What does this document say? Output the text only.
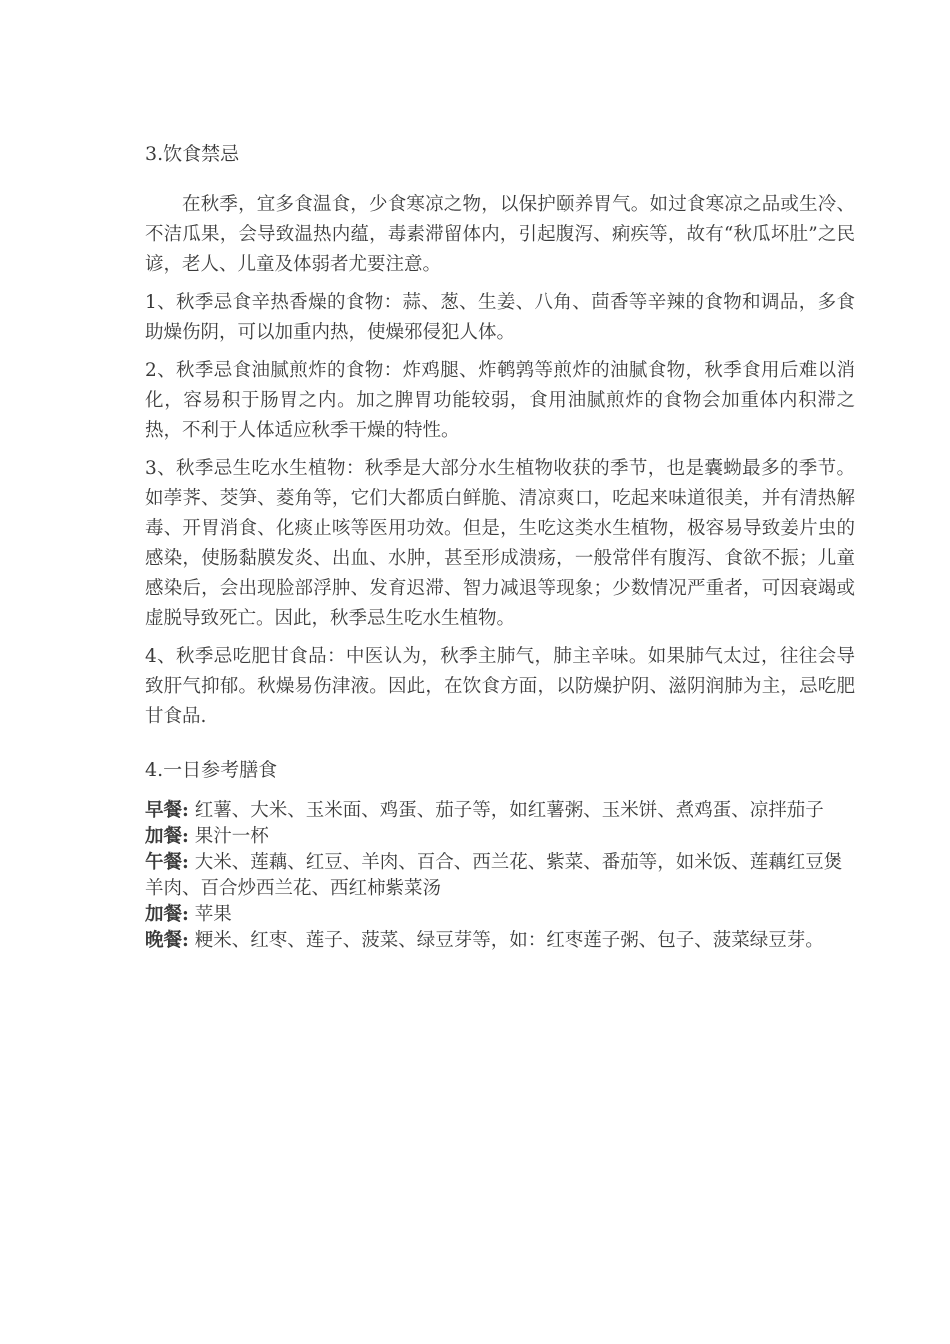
3.饮食禁忌

在秋季，宜多食温食，少食寒凉之物，以保护颐养胃气。如过食寒凉之品或生冷、不洁瓜果，会导致温热内蕴，毒素滞留体内，引起腹泻、痢疾等，故有“秋瓜坏肚”之民谚，老人、儿童及体弱者尤要注意。

1、秋季忌食辛热香燥的食物：蒜、葱、生姜、八角、茴香等辛辣的食物和调品，多食助燥伤阴，可以加重内热，使燥邪侵犯人体。

2、秋季忌食油腻煎炸的食物：炸鸡腿、炸鹌鹑等煎炸的油腻食物，秋季食用后难以消化，容易积于肠胃之内。加之脾胃功能较弱，食用油腻煎炸的食物会加重体内积滞之热，不利于人体适应秋季干燥的特性。

3、秋季忌生吃水生植物：秋季是大部分水生植物收获的季节，也是囊蚴最多的季节。如荸荠、茭笋、菱角等，它们大都质白鲜脆、清凉爽口，吃起来味道很美，并有清热解毒、开胃消食、化痰止咳等医用功效。但是，生吃这类水生植物，极容易导致姜片虫的感染，使肠黏膜发炎、出血、水肿，甚至形成溃疡，一般常伴有腹泻、食欲不振；儿童感染后，会出现脸部浮肿、发育迟滞、智力减退等现象；少数情况严重者，可因衰竭或虚脱导致死亡。因此，秋季忌生吃水生植物。

4、秋季忌吃肥甘食品：中医认为，秋季主肺气，肺主辛味。如果肺气太过，往往会导致肝气抑郁。秋燥易伤津液。因此，在饮食方面，以防燥护阴、滋阴润肺为主，忌吃肥甘食品.

4.一日参考膳食

早餐: 红薯、大米、玉米面、鸡蛋、茄子等，如红薯粥、玉米饼、煮鸡蛋、凉拌茄子

加餐: 果汁一杯

午餐: 大米、莲藕、红豆、羊肉、百合、西兰花、紫菜、番茄等，如米饭、莲藕红豆煲羊肉、百合炒西兰花、西红柿紫菜汤

加餐: 苹果

晚餐: 粳米、红枣、莲子、菠菜、绿豆芽等，如：红枣莲子粥、包子、菠菜绿豆芽。
